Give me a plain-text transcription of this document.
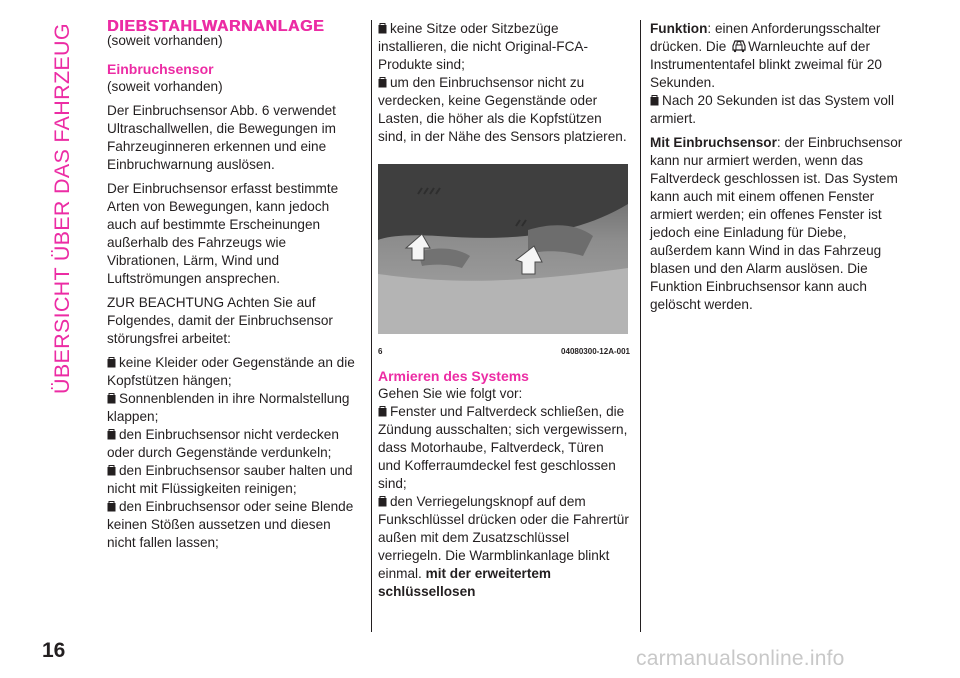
ÜBERSICHT ÜBER DAS FAHRZEUG
16	carmanualsonline.info
DIEBSTAHLWARNANLAGE

(soweit vorhanden)

Einbruchsensor

(soweit vorhanden)

Der Einbruchsensor Abb. 6 verwendet Ultraschallwellen, die Bewegungen im Fahrzeuginneren erkennen und eine Einbruchwarnung auslösen.

Der Einbruchsensor erfasst bestimmte Arten von Bewegungen, kann jedoch auch auf bestimmte Erscheinungen außerhalb des Fahrzeugs wie Vibrationen, Lärm, Wind und Luftströmungen ansprechen.

ZUR BEACHTUNG Achten Sie auf Folgendes, damit der Einbruchsensor störungsfrei arbeitet:

keine Kleider oder Gegenstände an die Kopfstützen hängen;
Sonnenblenden in ihre Normalstellung klappen;
den Einbruchsensor nicht verdecken oder durch Gegenstände verdunkeln;
den Einbruchsensor sauber halten und nicht mit Flüssigkeiten reinigen;
den Einbruchsensor oder seine Blende keinen Stößen aussetzen und diesen nicht fallen lassen;
keine Sitze oder Sitzbezüge installieren, die nicht Original-FCA-Produkte sind;
um den Einbruchsensor nicht zu verdecken, keine Gegenstände oder Lasten, die höher als die Kopfstützen sind, in der Nähe des Sensors platzieren.
6	04080300-12A-001

Armieren des Systems

Gehen Sie wie folgt vor:

Fenster und Faltverdeck schließen, die Zündung ausschalten; sich vergewissern, dass Motorhaube, Faltverdeck, Türen und Kofferraumdeckel fest geschlossen sind;
den Verriegelungsknopf auf dem Funkschlüssel drücken oder die Fahrertür außen mit dem Zusatzschlüssel verriegeln. Die Warmblinkanlage blinkt einmal. mit der erweitertem schlüssellosen

Funktion: einen Anforderungsschalter drücken. Die Warnleuchte auf der Instrumententafel blinkt zweimal für 20 Sekunden.

Nach 20 Sekunden ist das System voll armiert.

Mit Einbruchsensor: der Einbruchsensor kann nur armiert werden, wenn das Faltverdeck geschlossen ist. Das System kann auch mit einem offenen Fenster armiert werden; ein offenes Fenster ist jedoch eine Einladung für Diebe, außerdem kann Wind in das Fahrzeug blasen und den Alarm auslösen. Die Funktion Einbruchsensor kann auch gelöscht werden.
